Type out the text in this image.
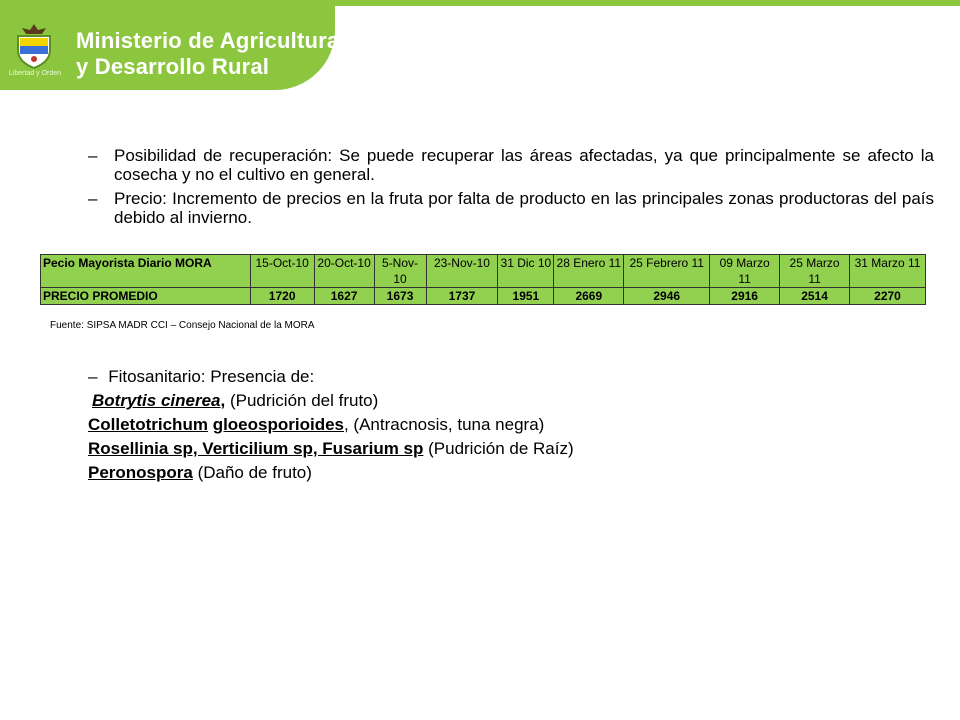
Libertad y Orden
Ministerio de Agricultura
y Desarrollo Rural
– Posibilidad de recuperación: Se puede recuperar las áreas afectadas, ya que principalmente se afecto la cosecha y no el cultivo en general.
– Precio: Incremento de precios en la fruta por falta de producto en las principales zonas productoras del país debido al invierno.
Pecio Mayorista Diario MORA	15-Oct-10	20-Oct-10	5-Nov-10	23-Nov-10	31 Dic 10	28 Enero 11	25 Febrero 11	09 Marzo 11	25 Marzo 11	31 Marzo 11
PRECIO PROMEDIO	1720	1627	1673	1737	1951	2669	2946	2916	2514	2270
Fuente: SIPSA MADR CCI – Consejo Nacional de la MORA
– Fitosanitario: Presencia de:
Botrytis cinerea, (Pudrición del fruto)
Colletotrichum gloeosporioides, (Antracnosis, tuna negra)
Rosellinia sp, Verticilium sp, Fusarium sp (Pudrición de Raíz)
Peronospora (Daño de fruto)
